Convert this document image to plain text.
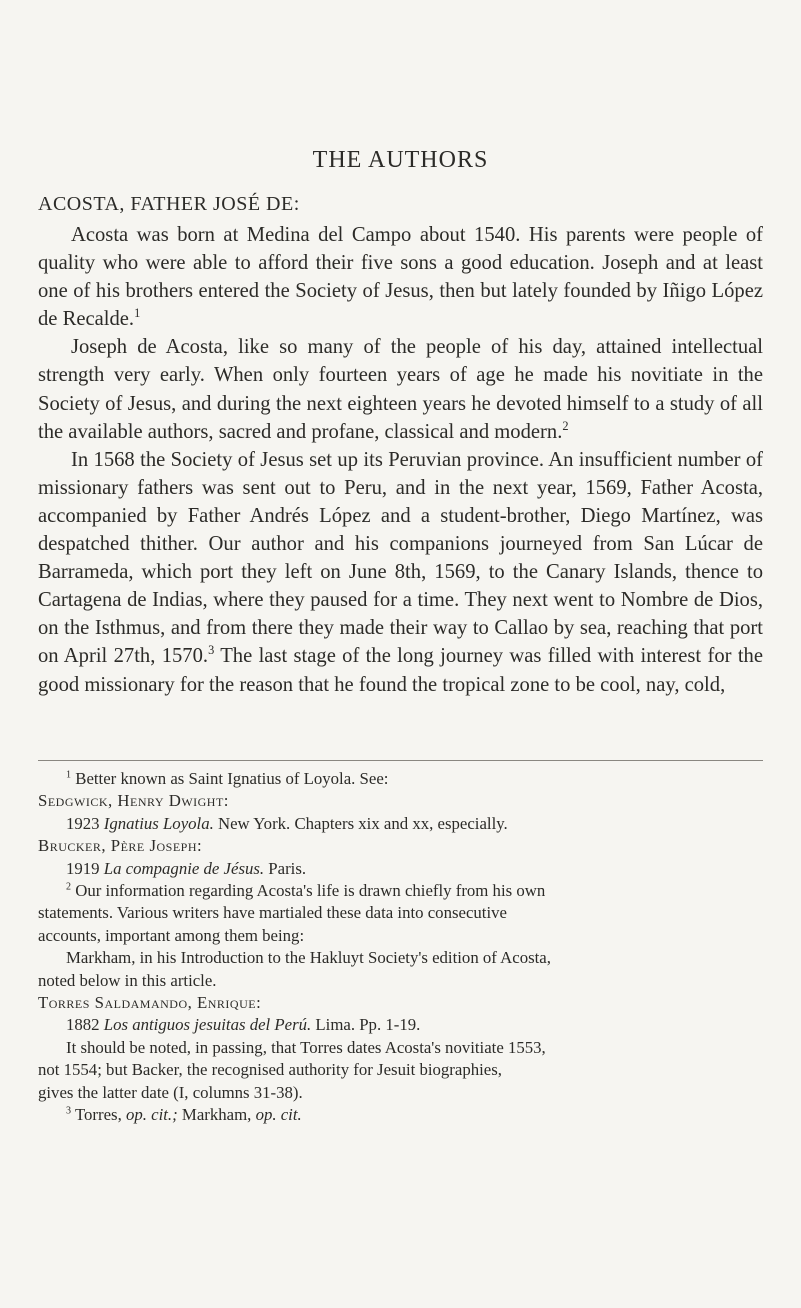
THE AUTHORS
ACOSTA, FATHER JOSÉ DE:

Acosta was born at Medina del Campo about 1540. His parents were people of quality who were able to afford their five sons a good education. Joseph and at least one of his brothers entered the Society of Jesus, then but lately founded by Iñigo López de Recalde.$^1$

Joseph de Acosta, like so many of the people of his day, attained intellectual strength very early. When only fourteen years of age he made his novitiate in the Society of Jesus, and during the next eighteen years he devoted himself to a study of all the available authors, sacred and profane, classical and modern.$^2$

In 1568 the Society of Jesus set up its Peruvian province. An insufficient number of missionary fathers was sent out to Peru, and in the next year, 1569, Father Acosta, accompanied by Father Andrés López and a student-brother, Diego Martínez, was despatched thither. Our author and his companions journeyed from San Lúcar de Barrameda, which port they left on June 8th, 1569, to the Canary Islands, thence to Cartagena de Indias, where they paused for a time. They next went to Nombre de Dios, on the Isthmus, and from there they made their way to Callao by sea, reaching that port on April 27th, 1570.$^3$ The last stage of the long journey was filled with interest for the good missionary for the reason that he found the tropical zone to be cool, nay, cold,

$^1$ Better known as Saint Ignatius of Loyola. See:
Sedgwick, Henry Dwight:
1923 Ignatius Loyola. New York. Chapters xix and xx, especially.
Brucker, Père Joseph:
1919 La compagnie de Jésus. Paris.
$^2$ Our information regarding Acosta's life is drawn chiefly from his own
statements. Various writers have martialed these data into consecutive
accounts, important among them being:
Markham, in his Introduction to the Hakluyt Society's edition of Acosta,
noted below in this article.
Torres Saldamando, Enrique:
1882 Los antiguos jesuitas del Perú. Lima. Pp. 1-19.
It should be noted, in passing, that Torres dates Acosta's novitiate 1553,
not 1554; but Backer, the recognised authority for Jesuit biographies,
gives the latter date (I, columns 31-38).
$^3$ Torres, op. cit.; Markham, op. cit.
